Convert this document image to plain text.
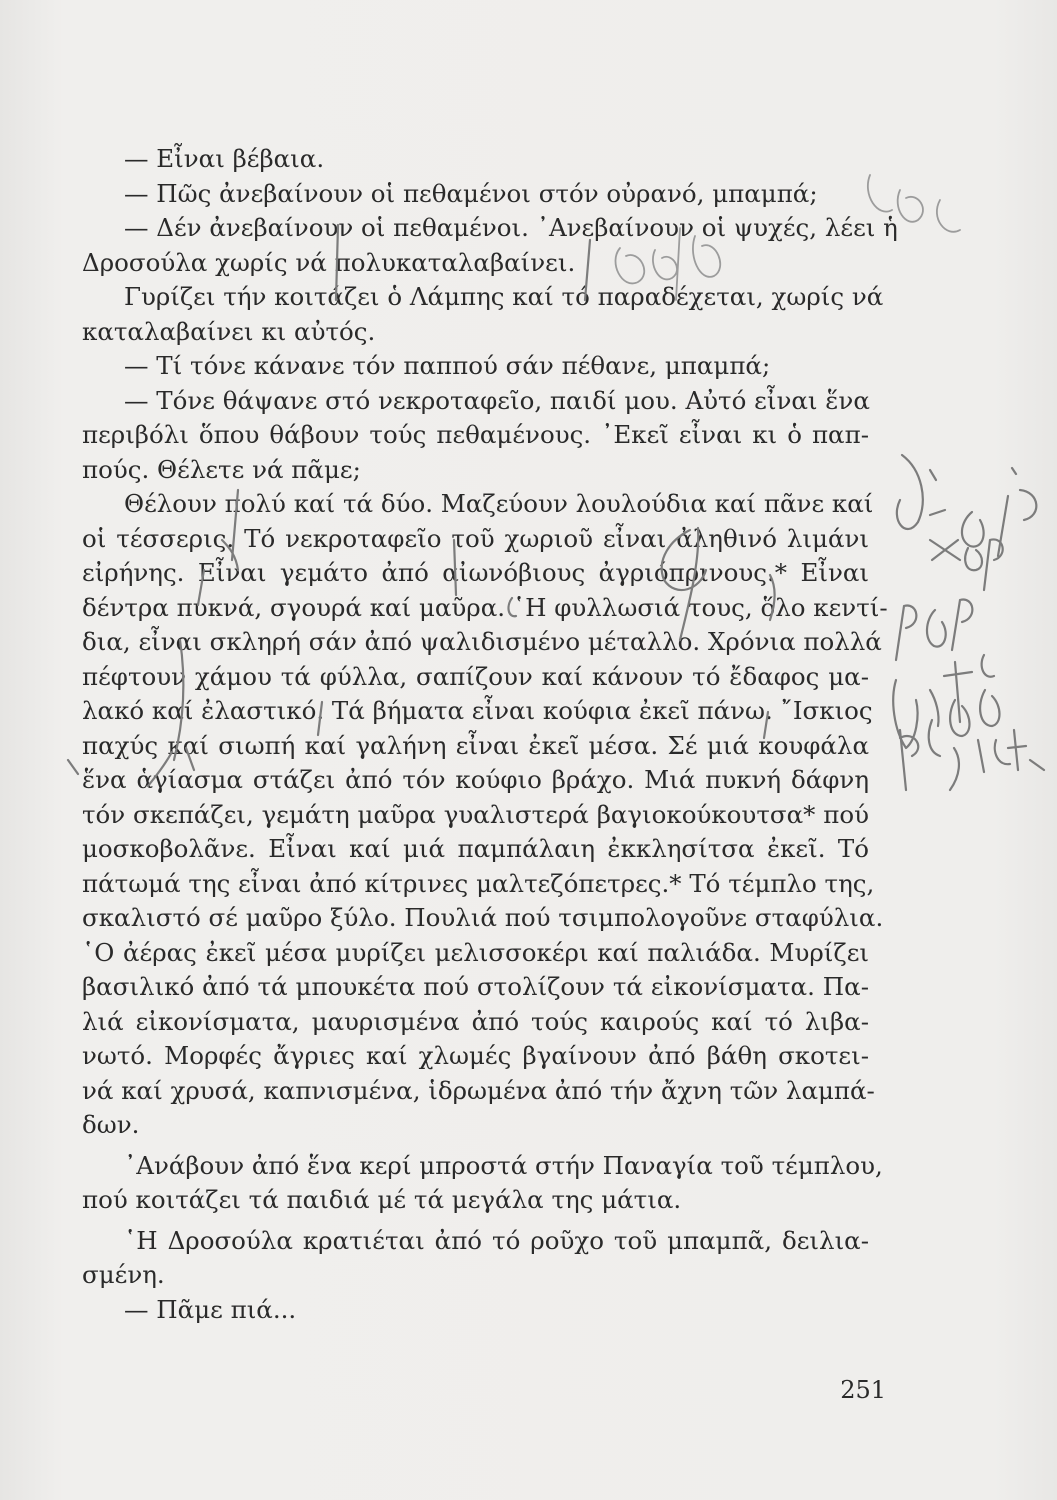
— Εἶναι βέβαια.
— Πῶς ἀνεβαίνουν οἱ πεθαμένοι στόν οὐρανό, μπαμπά;
— Δέν ἀνεβαίνουν οἱ πεθαμένοι. ᾿Ανεβαίνουν οἱ ψυχές, λέει ἡ
Δροσούλα χωρίς νά πολυκαταλαβαίνει.
Γυρίζει τήν κοιτάζει ὁ Λάμπης καί τό παραδέχεται, χωρίς νά
καταλαβαίνει κι αὐτός.
— Τί τόνε κάνανε τόν παππού σάν πέθανε, μπαμπά;
— Τόνε θάψανε στό νεκροταφεῖο, παιδί μου. Αὐτό εἶναι ἕνα
περιβόλι ὅπου θάβουν τούς πεθαμένους. ᾿Εκεῖ εἶναι κι ὁ παπ-
πούς. Θέλετε νά πᾶμε;
Θέλουν πολύ καί τά δύο. Μαζεύουν λουλούδια καί πᾶνε καί
οἱ τέσσερις. Τό νεκροταφεῖο τοῦ χωριοῦ εἶναι ἀληθινό λιμάνι
εἰρήνης. Εἶναι γεμάτο ἀπό αἰωνόβιους ἀγριόπρινους.* Εἶναι
δέντρα πυκνά, σγουρά καί μαῦρα. ῾Η φυλλωσιά τους, ὅλο κεντί-
δια, εἶναι σκληρή σάν ἀπό ψαλιδισμένο μέταλλο. Χρόνια πολλά
πέφτουν χάμου τά φύλλα, σαπίζουν καί κάνουν τό ἔδαφος μα-
λακό καί ἐλαστικό. Τά βήματα εἶναι κούφια ἐκεῖ πάνω. ῎Ισκιος
παχύς καί σιωπή καί γαλήνη εἶναι ἐκεῖ μέσα. Σέ μιά κουφάλα
ἕνα ἁγίασμα στάζει ἀπό τόν κούφιο βράχο. Μιά πυκνή δάφνη
τόν σκεπάζει, γεμάτη μαῦρα γυαλιστερά βαγιοκούκουτσα* πού
μοσκοβολᾶνε. Εἶναι καί μιά παμπάλαιη ἐκκλησίτσα ἐκεῖ. Τό
πάτωμά της εἶναι ἀπό κίτρινες μαλτεζόπετρες.* Τό τέμπλο της,
σκαλιστό σέ μαῦρο ξύλο. Πουλιά πού τσιμπολογοῦνε σταφύλια.
῾Ο ἀέρας ἐκεῖ μέσα μυρίζει μελισσοκέρι καί παλιάδα. Μυρίζει
βασιλικό ἀπό τά μπουκέτα πού στολίζουν τά εἰκονίσματα. Πα-
λιά εἰκονίσματα, μαυρισμένα ἀπό τούς καιρούς καί τό λιβα-
νωτό. Μορφές ἄγριες καί χλωμές βγαίνουν ἀπό βάθη σκοτει-
νά καί χρυσά, καπνισμένα, ἱδρωμένα ἀπό τήν ἄχνη τῶν λαμπά-
δων.
᾿Ανάβουν ἀπό ἕνα κερί μπροστά στήν Παναγία τοῦ τέμπλου,
πού κοιτάζει τά παιδιά μέ τά μεγάλα της μάτια.
῾Η Δροσούλα κρατιέται ἀπό τό ροῦχο τοῦ μπαμπᾶ, δειλια-
σμένη.
— Πᾶμε πιά...
251
